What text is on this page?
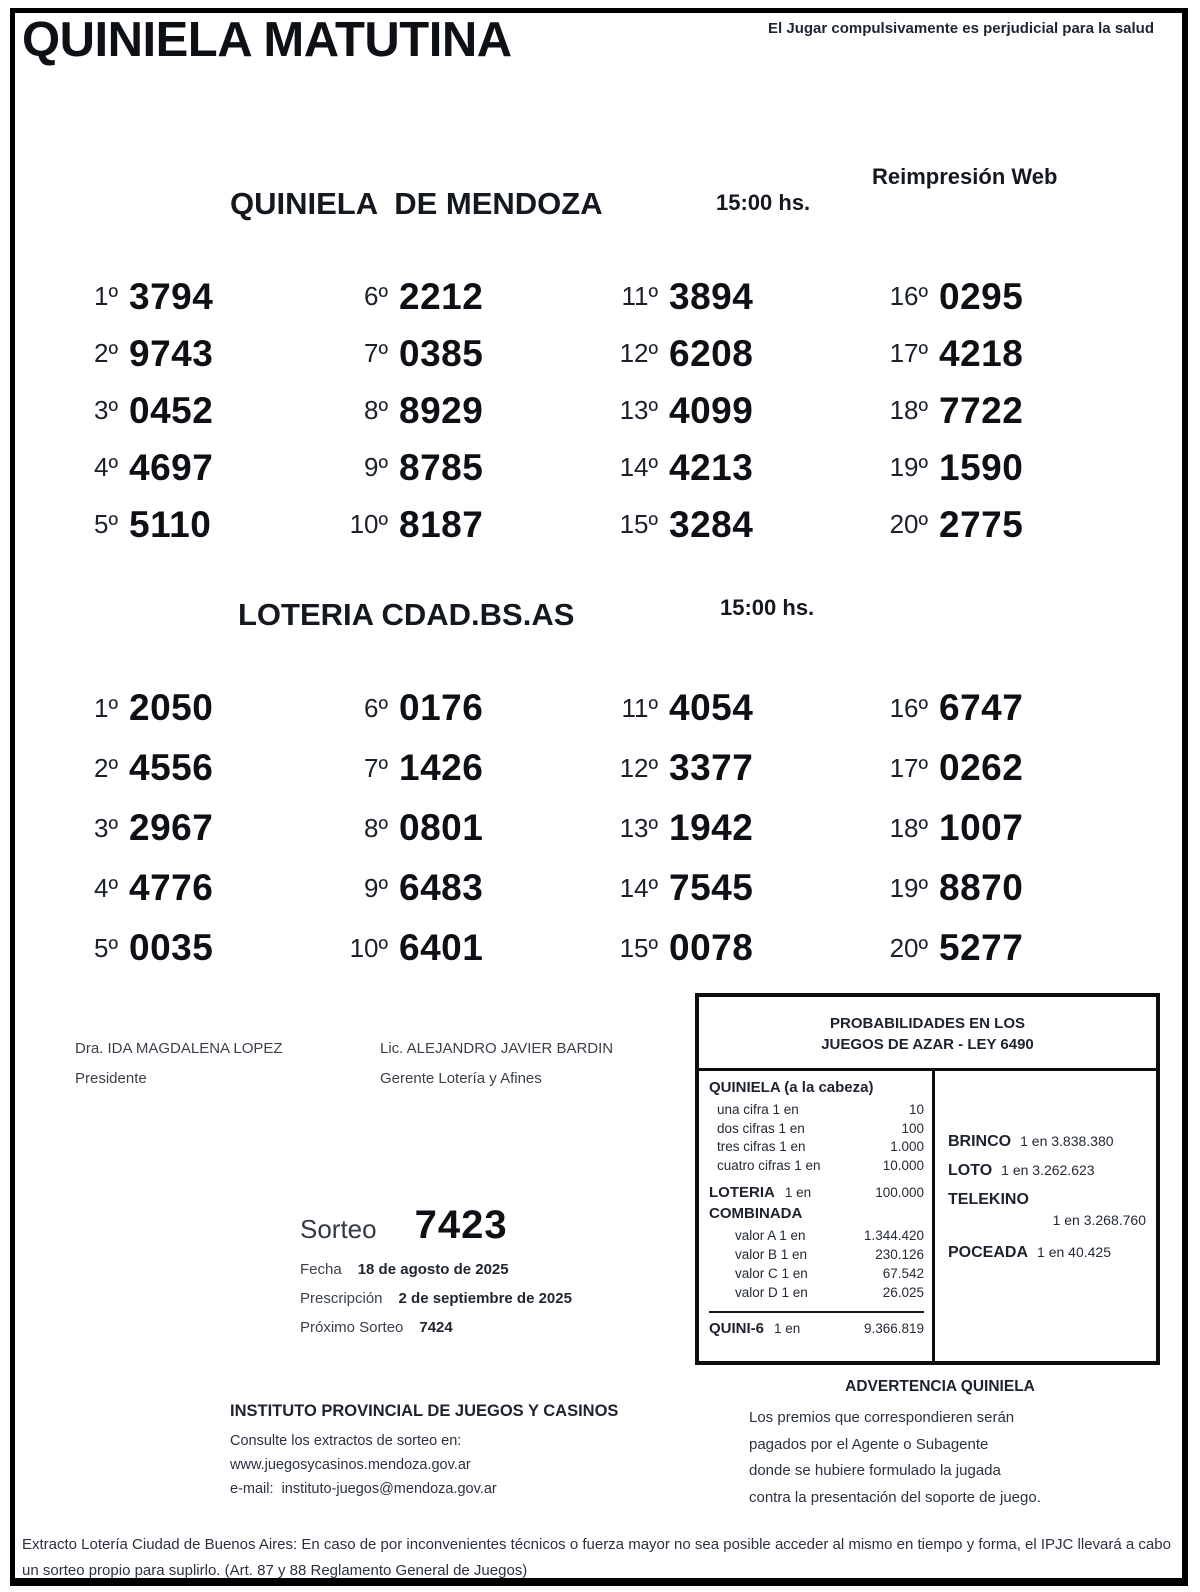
QUINIELA MATUTINA	El Jugar compulsivamente es perjudicial para la salud
QUINIELA  DE MENDOZA	15:00 hs.
Reimpresión Web
1º 3794
2º 9743
3º 0452
4º 4697
5º 5110
6º 2212
7º 0385
8º 8929
9º 8785
10º 8187
11º 3894
12º 6208
13º 4099
14º 4213
15º 3284
16º 0295
17º 4218
18º 7722
19º 1590
20º 2775
LOTERIA CDAD.BS.AS	15:00 hs.
1º 2050
2º 4556
3º 2967
4º 4776
5º 0035
6º 0176
7º 1426
8º 0801
9º 6483
10º 6401
11º 4054
12º 3377
13º 1942
14º 7545
15º 0078
16º 6747
17º 0262
18º 1007
19º 8870
20º 5277
Dra. IDA MAGDALENA LOPEZ
Presidente
Lic. ALEJANDRO JAVIER BARDIN
Gerente Lotería y Afines
PROBABILIDADES EN LOS
JUEGOS DE AZAR - LEY 6490
QUINIELA (a la cabeza)
una cifra 1 en	10
dos cifras 1 en	100
tres cifras 1 en	1.000
cuatro cifras 1 en	10.000
LOTERIA 1 en	100.000
COMBINADA
valor A 1 en	1.344.420
valor B 1 en	230.126
valor C 1 en	67.542
valor D 1 en	26.025
QUINI-6 1 en	9.366.819
BRINCO 1 en 3.838.380
LOTO 1 en 3.262.623
TELEKINO
1 en 3.268.760
POCEADA 1 en 40.425
Sorteo 7423
Fecha 18 de agosto de 2025
Prescripción 2 de septiembre de 2025
Próximo Sorteo 7424
INSTITUTO PROVINCIAL DE JUEGOS Y CASINOS
Consulte los extractos de sorteo en:
www.juegosycasinos.mendoza.gov.ar
e-mail:  instituto-juegos@mendoza.gov.ar
ADVERTENCIA QUINIELA
Los premios que correspondieren serán
pagados por el Agente o Subagente
donde se hubiere formulado la jugada
contra la presentación del soporte de juego.
Extracto Lotería Ciudad de Buenos Aires: En caso de por inconvenientes técnicos o fuerza mayor no sea posible acceder al mismo en tiempo y forma, el IPJC llevará a cabo un sorteo propio para suplirlo. (Art. 87 y 88 Reglamento General de Juegos)
